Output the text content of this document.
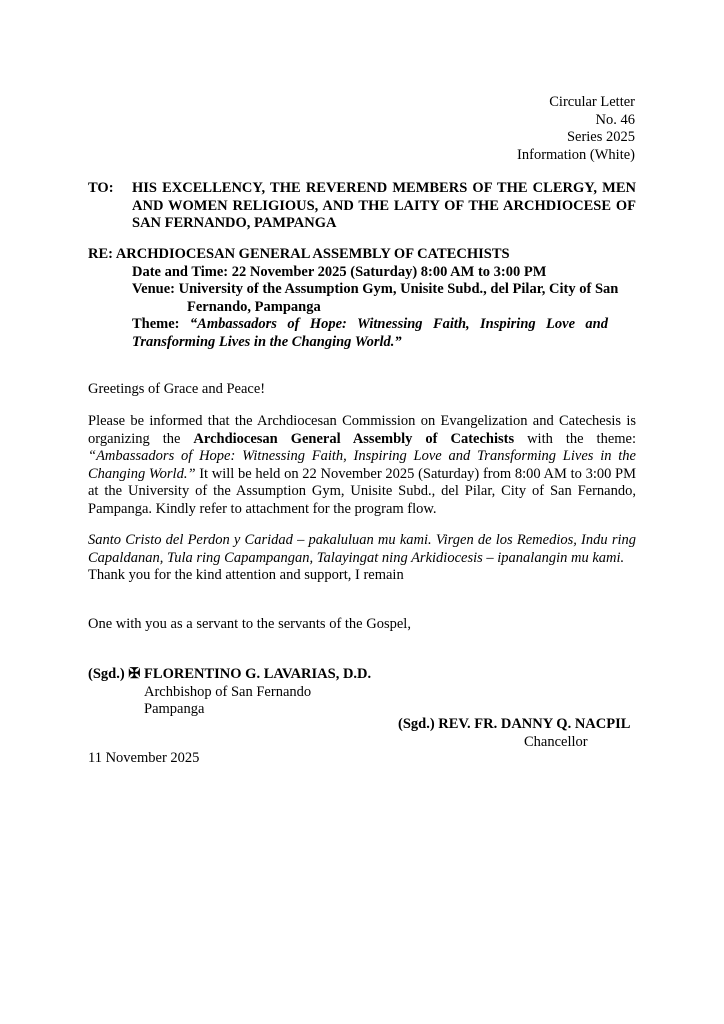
Circular Letter
No. 46
Series 2025
Information (White)
TO: HIS EXCELLENCY, THE REVEREND MEMBERS OF THE CLERGY, MEN AND WOMEN RELIGIOUS, AND THE LAITY OF THE ARCHDIOCESE OF SAN FERNANDO, PAMPANGA
RE: ARCHDIOCESAN GENERAL ASSEMBLY OF CATECHISTS
Date and Time: 22 November 2025 (Saturday) 8:00 AM to 3:00 PM
Venue: University of the Assumption Gym, Unisite Subd., del Pilar, City of San
Fernando, Pampanga
Theme: “Ambassadors of Hope: Witnessing Faith, Inspiring Love and Transforming Lives in the Changing World.”
Greetings of Grace and Peace!
Please be informed that the Archdiocesan Commission on Evangelization and Catechesis is organizing the Archdiocesan General Assembly of Catechists with the theme: “Ambassadors of Hope: Witnessing Faith, Inspiring Love and Transforming Lives in the Changing World.” It will be held on 22 November 2025 (Saturday) from 8:00 AM to 3:00 PM at the University of the Assumption Gym, Unisite Subd., del Pilar, City of San Fernando, Pampanga. Kindly refer to attachment for the program flow.
Santo Cristo del Perdon y Caridad – pakaluluan mu kami. Virgen de los Remedios, Indu ring Capaldanan, Tula ring Capampangan, Talayingat ning Arkidiocesis – ipanalangin mu kami.
Thank you for the kind attention and support, I remain
One with you as a servant to the servants of the Gospel,
(Sgd.) ✠ FLORENTINO G. LAVARIAS, D.D.
Archbishop of San Fernando
Pampanga
(Sgd.) REV. FR. DANNY Q. NACPIL
Chancellor
11 November 2025
